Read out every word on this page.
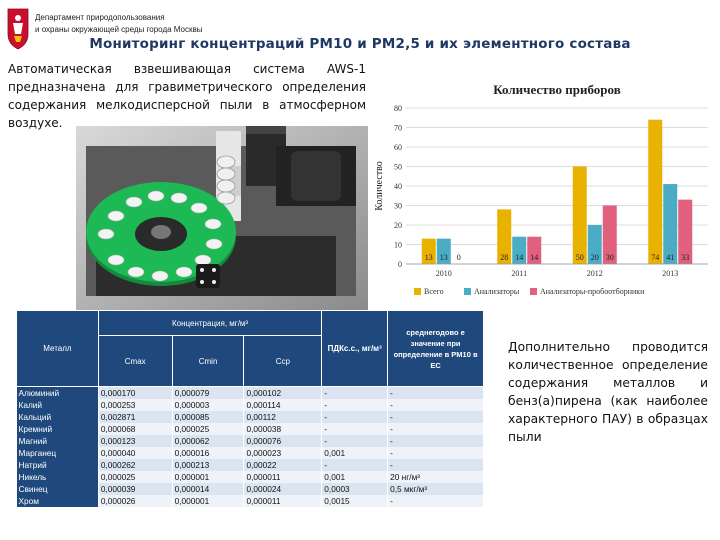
Департамент природопользования
и охраны окружающей среды города Москвы
Мониторинг концентраций PM10 и PM2,5 и их элементного состава
Автоматическая взвешивающая система AWS-1 предназначена для гравиметрического определения содержания мелкодисперсной пыли в атмосферном воздухе.
Количество приборов
0
10
20
30
40
50
60
70
80
Количество
13 13 0
2010
28 14 14
2011
50 20 30
2012
74 41 33
2013
Всего	Анализаторы	Анализаторы-пробоотборники
Металл	Концентрация, мг/м³			ПДКс.с., мг/м³	среднегодово е значение при определение в PM10 в ЕС
	Cmax	Cmin	Cср		
Алюминий	0,000170	0,000079	0,000102	-	-
Калий	0,000253	0,000003	0,000114	-	-
Кальций	0,002871	0,000085	0,00112	-	-
Кремний	0,000068	0,000025	0,000038	-	-
Магний	0,000123	0,000062	0,000076	-	-
Марганец	0,000040	0,000016	0,000023	0,001	-
Натрий	0,000262	0,000213	0,00022	-	-
Никель	0,000025	0,000001	0,000011	0,001	20 нг/м³
Свинец	0,000039	0,000014	0,000024	0,0003	0,5 мкг/м³
Хром	0,000026	0,000001	0,000011	0,0015	-
Дополнительно проводится количественное определение содержания металлов и бенз(а)пирена (как наиболее характерного ПАУ) в образцах пыли
